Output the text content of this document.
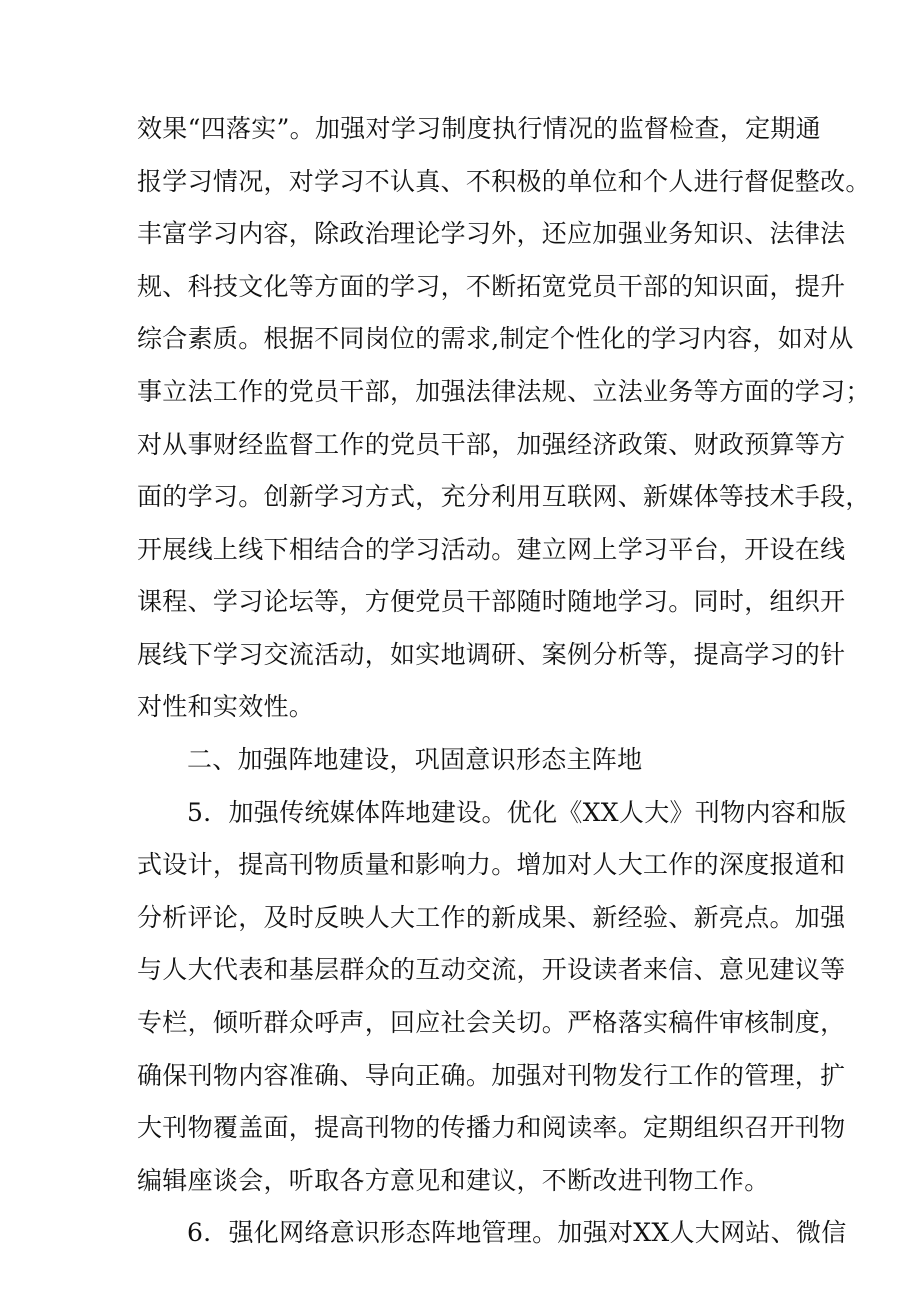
效果“四落实”。加强对学习制度执行情况的监督检查，定期通
报学习情况，对学习不认真、不积极的单位和个人进行督促整改。
丰富学习内容，除政治理论学习外，还应加强业务知识、法律法
规、科技文化等方面的学习，不断拓宽党员干部的知识面，提升
综合素质。根据不同岗位的需求,制定个性化的学习内容，如对从
事立法工作的党员干部，加强法律法规、立法业务等方面的学习；
对从事财经监督工作的党员干部，加强经济政策、财政预算等方
面的学习。创新学习方式，充分利用互联网、新媒体等技术手段，
开展线上线下相结合的学习活动。建立网上学习平台，开设在线
课程、学习论坛等，方便党员干部随时随地学习。同时，组织开
展线下学习交流活动，如实地调研、案例分析等，提高学习的针
对性和实效性。
二、加强阵地建设，巩固意识形态主阵地
5．加强传统媒体阵地建设。优化《XX人大》刊物内容和版
式设计，提高刊物质量和影响力。增加对人大工作的深度报道和
分析评论，及时反映人大工作的新成果、新经验、新亮点。加强
与人大代表和基层群众的互动交流，开设读者来信、意见建议等
专栏，倾听群众呼声，回应社会关切。严格落实稿件审核制度，
确保刊物内容准确、导向正确。加强对刊物发行工作的管理，扩
大刊物覆盖面，提高刊物的传播力和阅读率。定期组织召开刊物
编辑座谈会，听取各方意见和建议，不断改进刊物工作。
6．强化网络意识形态阵地管理。加强对XX人大网站、微信
